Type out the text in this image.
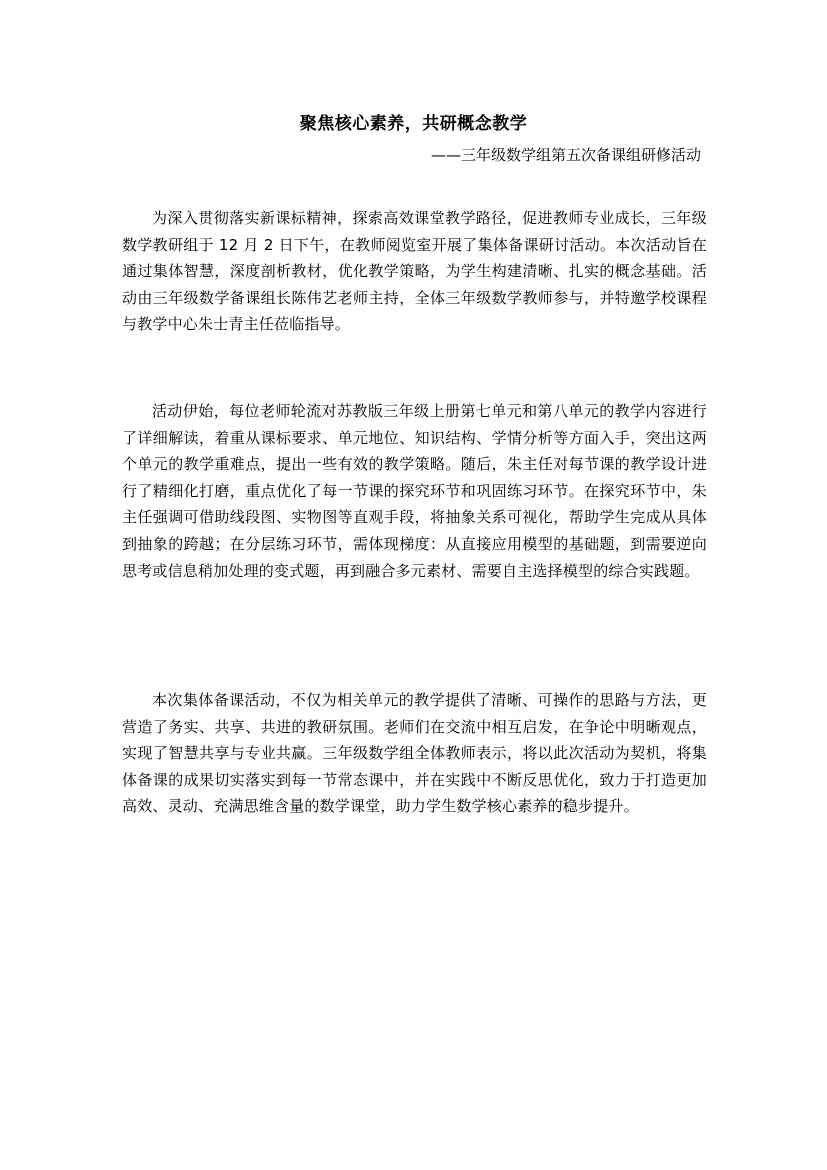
聚焦核心素养，共研概念教学
——三年级数学组第五次备课组研修活动

为深入贯彻落实新课标精神，探索高效课堂教学路径，促进教师专业成长，三年级数学教研组于 12 月 2 日下午，在教师阅览室开展了集体备课研讨活动。本次活动旨在通过集体智慧，深度剖析教材，优化教学策略，为学生构建清晰、扎实的概念基础。活动由三年级数学备课组长陈伟艺老师主持，全体三年级数学教师参与，并特邀学校课程与教学中心朱士青主任莅临指导。

活动伊始，每位老师轮流对苏教版三年级上册第七单元和第八单元的教学内容进行了详细解读，着重从课标要求、单元地位、知识结构、学情分析等方面入手，突出这两个单元的教学重难点，提出一些有效的教学策略。随后，朱主任对每节课的教学设计进行了精细化打磨，重点优化了每一节课的探究环节和巩固练习环节。在探究环节中，朱主任强调可借助线段图、实物图等直观手段，将抽象关系可视化，帮助学生完成从具体到抽象的跨越；在分层练习环节，需体现梯度：从直接应用模型的基础题，到需要逆向思考或信息稍加处理的变式题，再到融合多元素材、需要自主选择模型的综合实践题。

本次集体备课活动，不仅为相关单元的教学提供了清晰、可操作的思路与方法，更营造了务实、共享、共进的教研氛围。老师们在交流中相互启发，在争论中明晰观点，实现了智慧共享与专业共赢。三年级数学组全体教师表示，将以此次活动为契机，将集体备课的成果切实落实到每一节常态课中，并在实践中不断反思优化，致力于打造更加高效、灵动、充满思维含量的数学课堂，助力学生数学核心素养的稳步提升。
